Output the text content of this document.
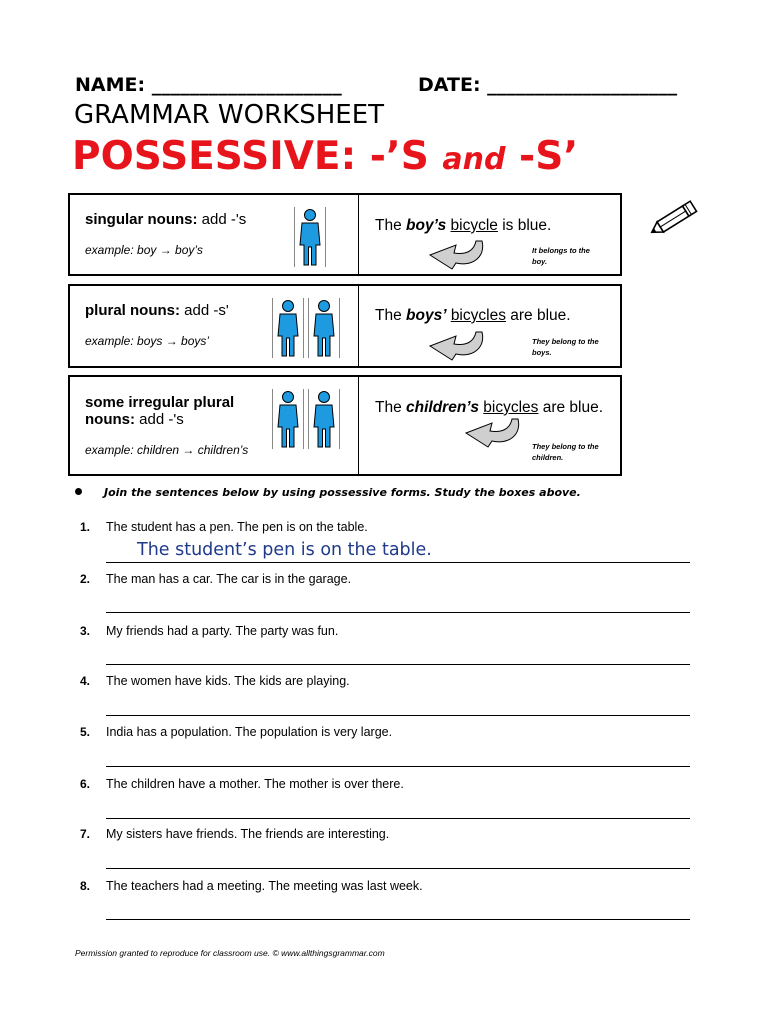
NAME: ____________________	DATE: ____________________
GRAMMAR WORKSHEET
POSSESSIVE: -’S and -S’
singular nouns: add -'s
example: boy → boy’s
The boy’s bicycle is blue.
It belongs to the boy.
plural nouns: add -s'
example: boys → boys’
The boys’ bicycles are blue.
They belong to the boys.
some irregular plural nouns: add -'s
example: children → children’s
The children’s bicycles are blue.
They belong to the children.
Join the sentences below by using possessive forms. Study the boxes above.
1. The student has a pen. The pen is on the table.
The student’s pen is on the table.
2. The man has a car. The car is in the garage.
3. My friends had a party. The party was fun.
4. The women have kids. The kids are playing.
5. India has a population. The population is very large.
6. The children have a mother. The mother is over there.
7. My sisters have friends. The friends are interesting.
8. The teachers had a meeting. The meeting was last week.
Permission granted to reproduce for classroom use. © www.allthingsgrammar.com
